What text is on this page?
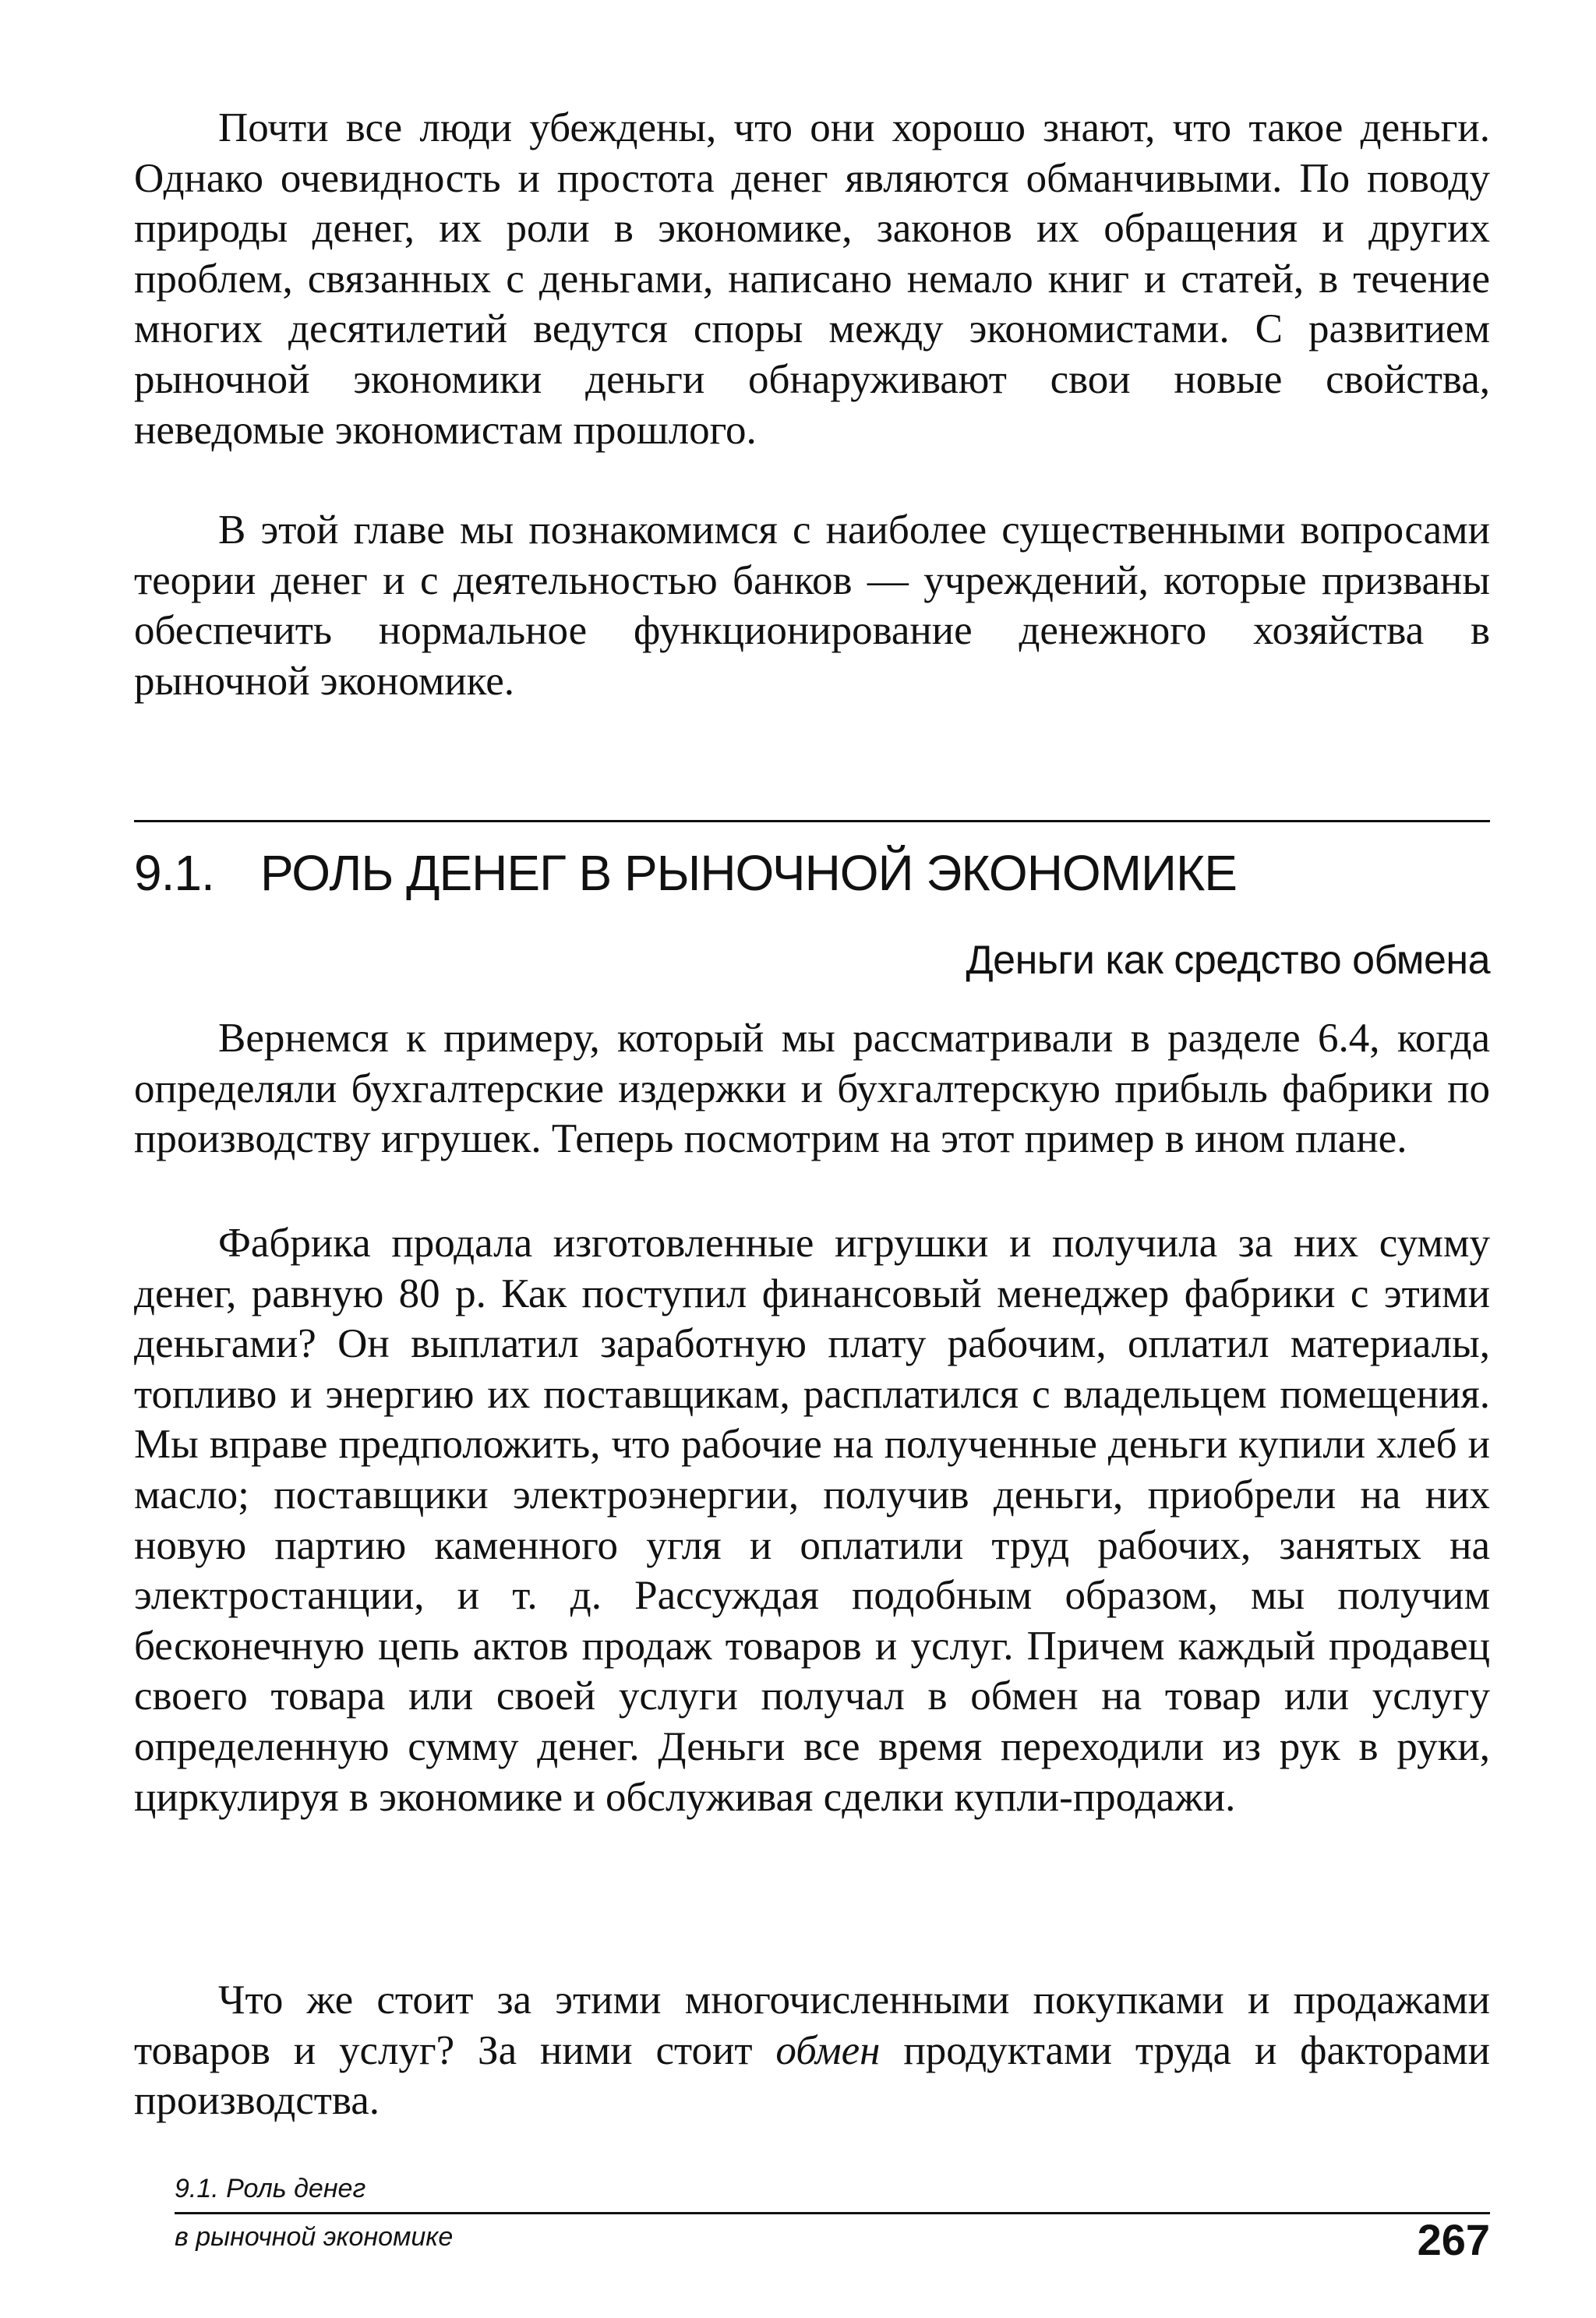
Почти все люди убеждены, что они хорошо знают, что такое деньги. Однако очевидность и простота денег являются обманчивыми. По поводу природы денег, их роли в экономике, законов их обращения и других проблем, связанных с деньгами, написано немало книг и статей, в течение многих десятилетий ведутся споры между экономистами. С развитием рыночной экономики деньги обнаруживают свои новые свойства, неведомые экономистам прошлого.

В этой главе мы познакомимся с наиболее существенными вопросами теории денег и с деятельностью банков — учреждений, которые призваны обеспечить нормальное функционирование денежного хозяйства в рыночной экономике.

9.1. РОЛЬ ДЕНЕГ В РЫНОЧНОЙ ЭКОНОМИКЕ
Деньги как средство обмена

Вернемся к примеру, который мы рассматривали в разделе 6.4, когда определяли бухгалтерские издержки и бухгалтерскую прибыль фабрики по производству игрушек. Теперь посмотрим на этот пример в ином плане.

Фабрика продала изготовленные игрушки и получила за них сумму денег, равную 80 р. Как поступил финансовый менеджер фабрики с этими деньгами? Он выплатил заработную плату рабочим, оплатил материалы, топливо и энергию их поставщикам, расплатился с владельцем помещения. Мы вправе предположить, что рабочие на полученные деньги купили хлеб и масло; поставщики электроэнергии, получив деньги, приобрели на них новую партию каменного угля и оплатили труд рабочих, занятых на электростанции, и т. д. Рассуждая подобным образом, мы получим бесконечную цепь актов продаж товаров и услуг. Причем каждый продавец своего товара или своей услуги получал в обмен на товар или услугу определенную сумму денег. Деньги все время переходили из рук в руки, циркулируя в экономике и обслуживая сделки купли-продажи.

Что же стоит за этими многочисленными покупками и продажами товаров и услуг? За ними стоит обмен продуктами труда и факторами производства.

9.1. Роль денег
в рыночной экономике	267
